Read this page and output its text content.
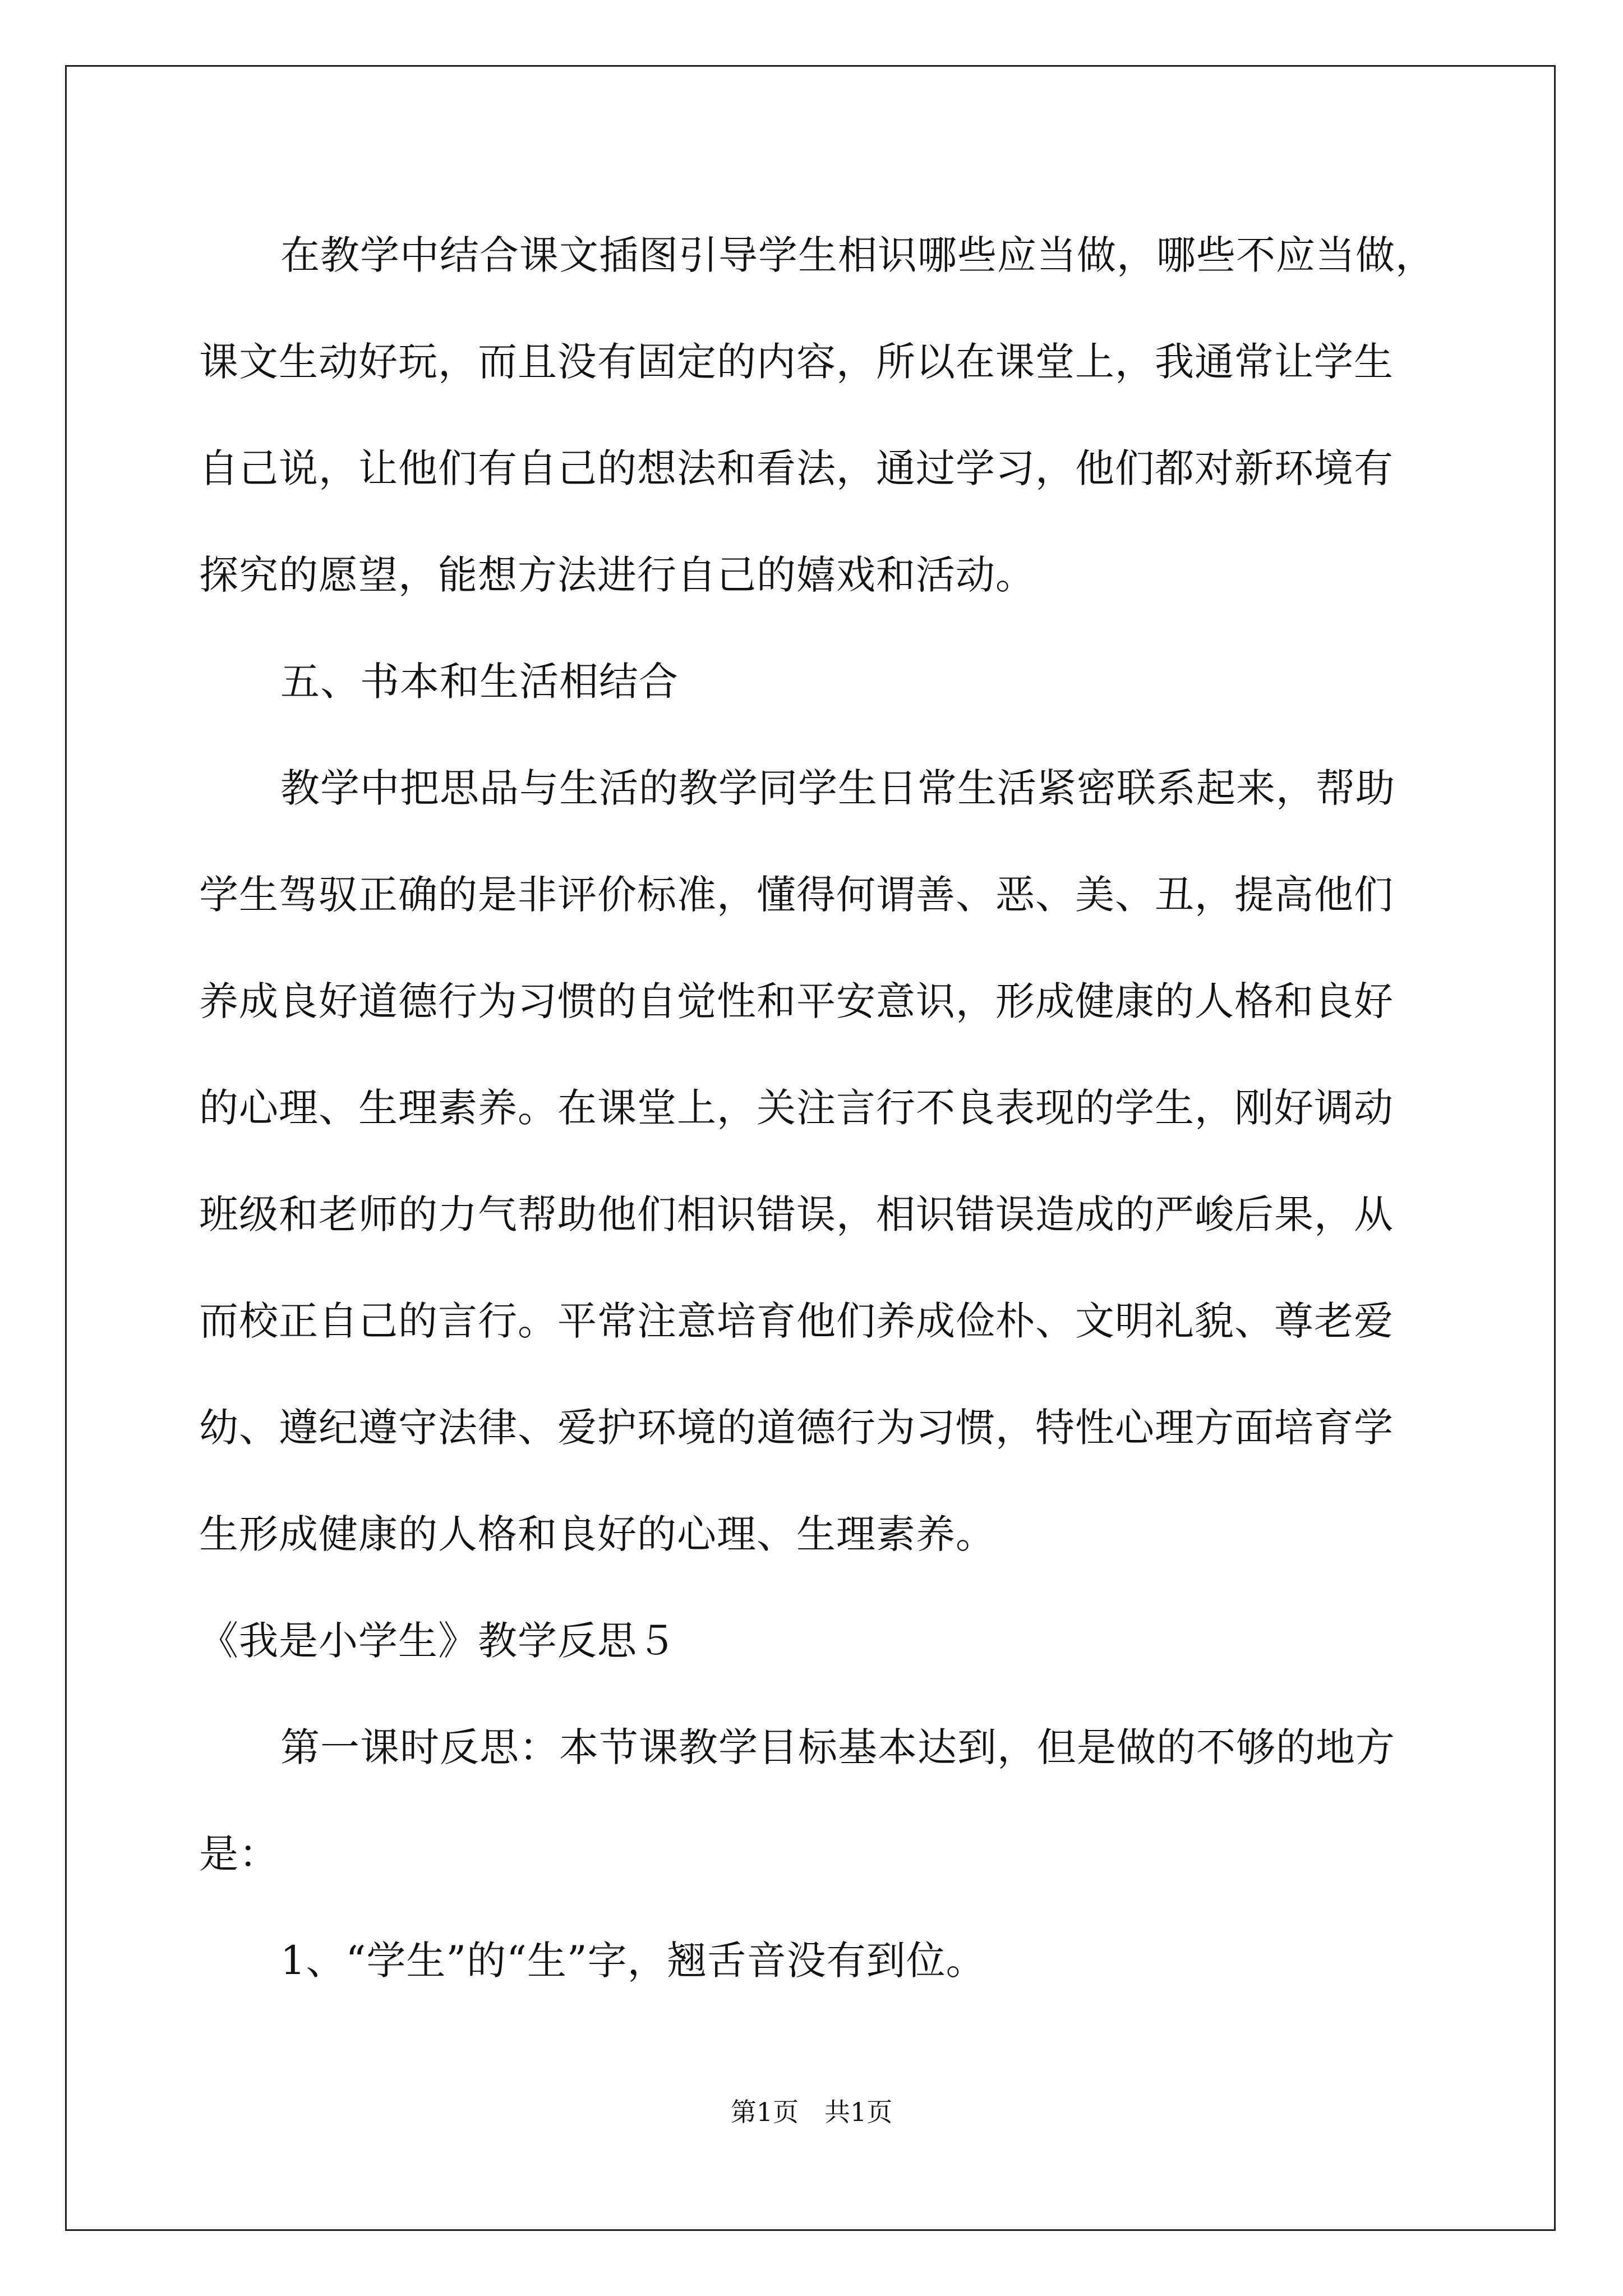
在教学中结合课文插图引导学生相识哪些应当做，哪些不应当做，
课文生动好玩，而且没有固定的内容，所以在课堂上，我通常让学生
自己说，让他们有自己的想法和看法，通过学习，他们都对新环境有
探究的愿望，能想方法进行自己的嬉戏和活动。
五、书本和生活相结合
教学中把思品与生活的教学同学生日常生活紧密联系起来，帮助
学生驾驭正确的是非评价标准，懂得何谓善、恶、美、丑，提高他们
养成良好道德行为习惯的自觉性和平安意识，形成健康的人格和良好
的心理、生理素养。在课堂上，关注言行不良表现的学生，刚好调动
班级和老师的力气帮助他们相识错误，相识错误造成的严峻后果，从
而校正自己的言行。平常注意培育他们养成俭朴、文明礼貌、尊老爱
幼、遵纪遵守法律、爱护环境的道德行为习惯，特性心理方面培育学
生形成健康的人格和良好的心理、生理素养。
《我是小学生》教学反思５
第一课时反思：本节课教学目标基本达到，但是做的不够的地方
是：
1、“学生”的“生”字，翘舌音没有到位。
第1页　共1页
